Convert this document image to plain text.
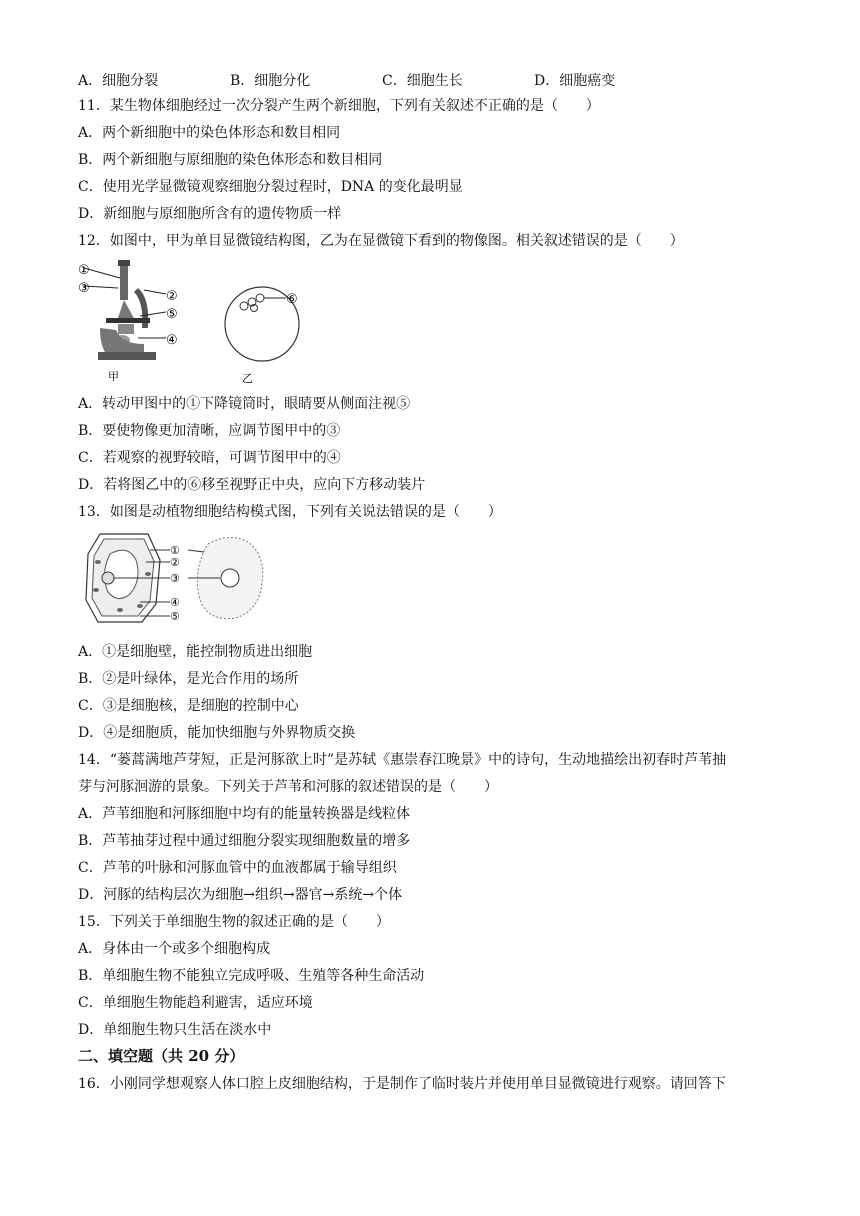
A．细胞分裂	B．细胞分化	C．细胞生长	D．细胞癌变
11．某生物体细胞经过一次分裂产生两个新细胞，下列有关叙述不正确的是（　　）
A．两个新细胞中的染色体形态和数目相同
B．两个新细胞与原细胞的染色体形态和数目相同
C．使用光学显微镜观察细胞分裂过程时，DNA 的变化最明显
D．新细胞与原细胞所含有的遗传物质一样
12．如图中，甲为单目显微镜结构图，乙为在显微镜下看到的物像图。相关叙述错误的是（　　）
①
③
②
⑤
④
甲
⑥
乙
A．转动甲图中的①下降镜筒时，眼睛要从侧面注视⑤
B．要使物像更加清晰，应调节图甲中的③
C．若观察的视野较暗，可调节图甲中的④
D．若将图乙中的⑥移至视野正中央，应向下方移动装片
13．如图是动植物细胞结构模式图，下列有关说法错误的是（　　）
①
②
③
④
⑤
A．①是细胞壁，能控制物质进出细胞
B．②是叶绿体，是光合作用的场所
C．③是细胞核，是细胞的控制中心
D．④是细胞质，能加快细胞与外界物质交换
14．“蒌蒿满地芦芽短，正是河豚欲上时”是苏轼《惠崇春江晚景》中的诗句，生动地描绘出初春时芦苇抽
芽与河豚洄游的景象。下列关于芦苇和河豚的叙述错误的是（　　）
A．芦苇细胞和河豚细胞中均有的能量转换器是线粒体
B．芦苇抽芽过程中通过细胞分裂实现细胞数量的增多
C．芦苇的叶脉和河豚血管中的血液都属于输导组织
D．河豚的结构层次为细胞→组织→器官→系统→个体
15．下列关于单细胞生物的叙述正确的是（　　）
A．身体由一个或多个细胞构成
B．单细胞生物不能独立完成呼吸、生殖等各种生命活动
C．单细胞生物能趋利避害，适应环境
D．单细胞生物只生活在淡水中
二、填空题（共 20 分）
16．小刚同学想观察人体口腔上皮细胞结构，于是制作了临时装片并使用单目显微镜进行观察。请回答下
